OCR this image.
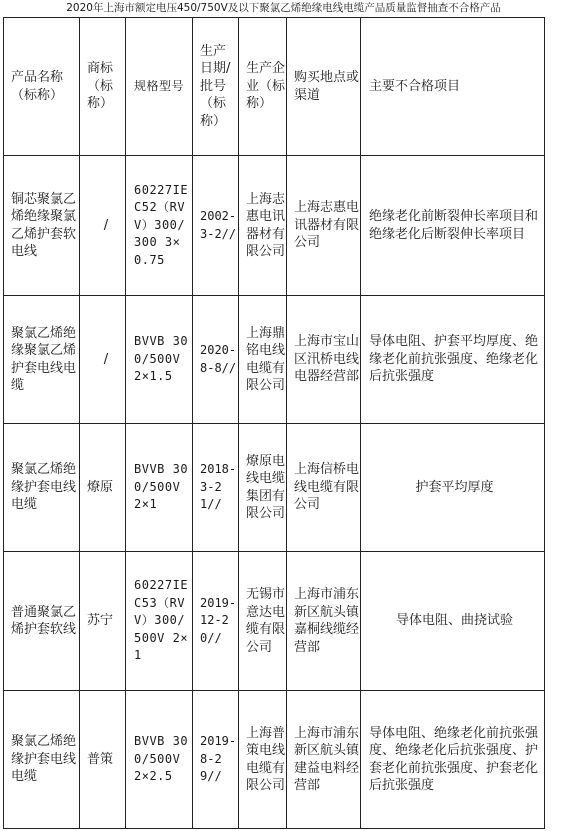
2020年上海市额定电压450/750V及以下聚氯乙烯绝缘电线电缆产品质量监督抽查不合格产品
产品名称（标称）	商标（标称）	规格型号	生产日期/批号（标称）	生产企业（标称）	购买地点或渠道	主要不合格项目
铜芯聚氯乙烯绝缘聚氯乙烯护套软电线	/	60227IEC52（RVV）300/300 3×0.75	2002-3-2//	上海志惠电讯器材有限公司	上海志惠电讯器材有限公司	绝缘老化前断裂伸长率项目和绝缘老化后断裂伸长率项目
聚氯乙烯绝缘聚氯乙烯护套电线电缆	/	BVVB 300/500V 2×1.5	2020-8-8//	上海鼎铭电线电缆有限公司	上海市宝山区汛桥电线电器经营部	导体电阻、护套平均厚度、绝缘老化前抗张强度、绝缘老化后抗张强度
聚氯乙烯绝缘护套电线电缆	燎原	BVVB 300/500V 2×1	2018-3-21//	燎原电线电缆集团有限公司	上海信桥电线电缆有限公司	护套平均厚度
普通聚氯乙烯护套软线	苏宁	60227IEC53（RVV）300/500V 2×1	2019-12-20//	无锡市意达电缆有限公司	上海市浦东新区航头镇嘉桐线缆经营部	导体电阻、曲挠试验
聚氯乙烯绝缘护套电线电缆	普策	BVVB 300/500V 2×2.5	2019-8-29//	上海普策电线电缆有限公司	上海市浦东新区航头镇建益电料经营部	导体电阻、绝缘老化前抗张强度、绝缘老化后抗张强度、护套老化前抗张强度、护套老化后抗张强度
